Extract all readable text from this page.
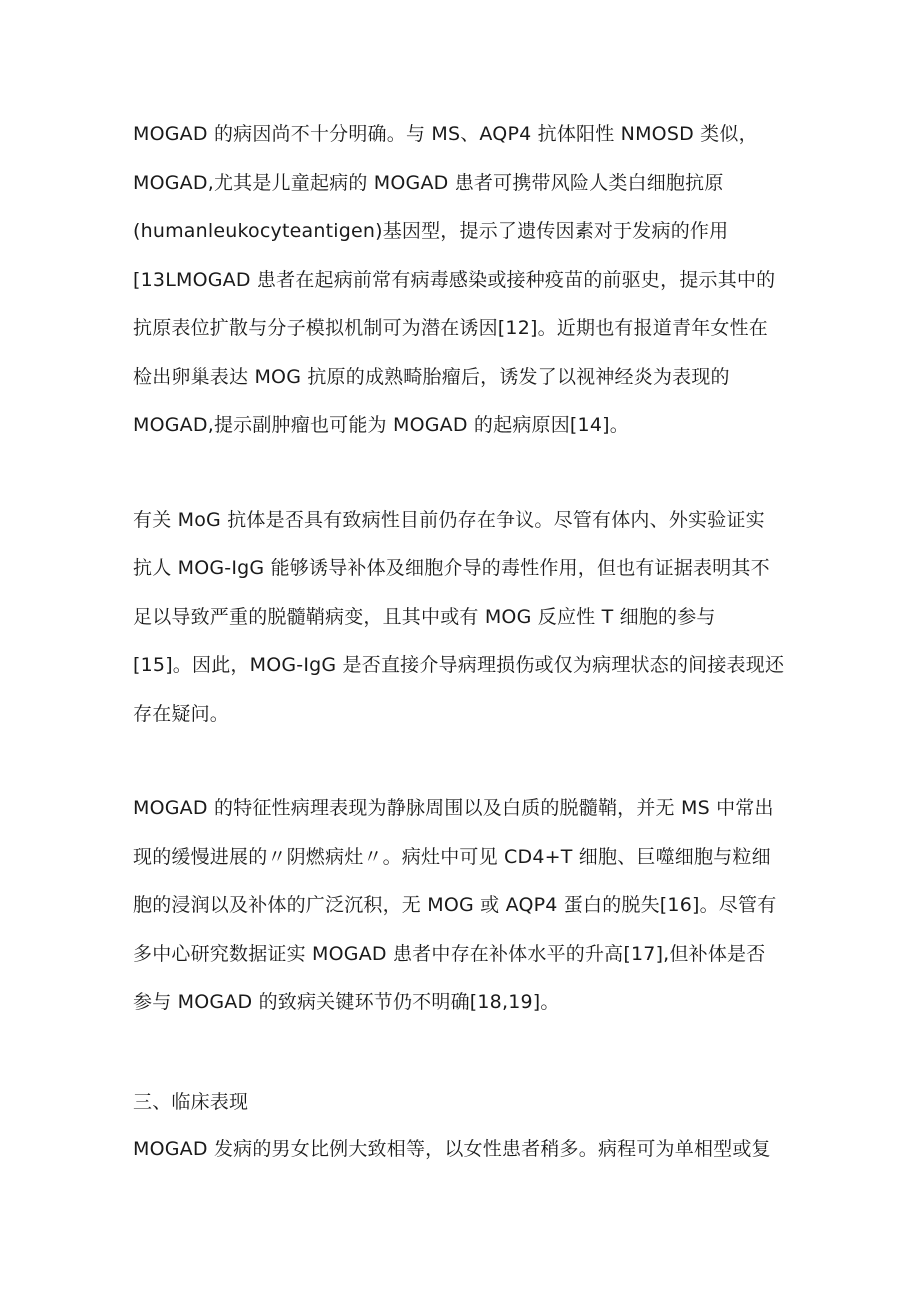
MOGAD 的病因尚不十分明确。与 MS、AQP4 抗体阳性 NMOSD 类似，
MOGAD,尤其是儿童起病的 MOGAD 患者可携带风险人类白细胞抗原
(humanleukocyteantigen)基因型，提示了遗传因素对于发病的作用
[13LMOGAD 患者在起病前常有病毒感染或接种疫苗的前驱史，提示其中的
抗原表位扩散与分子模拟机制可为潜在诱因[12]。近期也有报道青年女性在
检出卵巢表达 MOG 抗原的成熟畸胎瘤后，诱发了以视神经炎为表现的
MOGAD,提示副肿瘤也可能为 MOGAD 的起病原因[14]。
有关 MoG 抗体是否具有致病性目前仍存在争议。尽管有体内、外实验证实
抗人 MOG-IgG 能够诱导补体及细胞介导的毒性作用，但也有证据表明其不
足以导致严重的脱髓鞘病变，且其中或有 MOG 反应性 T 细胞的参与
[15]。因此，MOG-IgG 是否直接介导病理损伤或仅为病理状态的间接表现还
存在疑问。
MOGAD 的特征性病理表现为静脉周围以及白质的脱髓鞘，并无 MS 中常出
现的缓慢进展的〃阴燃病灶〃。病灶中可见 CD4+T 细胞、巨噬细胞与粒细
胞的浸润以及补体的广泛沉积，无 MOG 或 AQP4 蛋白的脱失[16]。尽管有
多中心研究数据证实 MOGAD 患者中存在补体水平的升高[17],但补体是否
参与 MOGAD 的致病关键环节仍不明确[18,19]。
三、临床表现
MOGAD 发病的男女比例大致相等，以女性患者稍多。病程可为单相型或复
